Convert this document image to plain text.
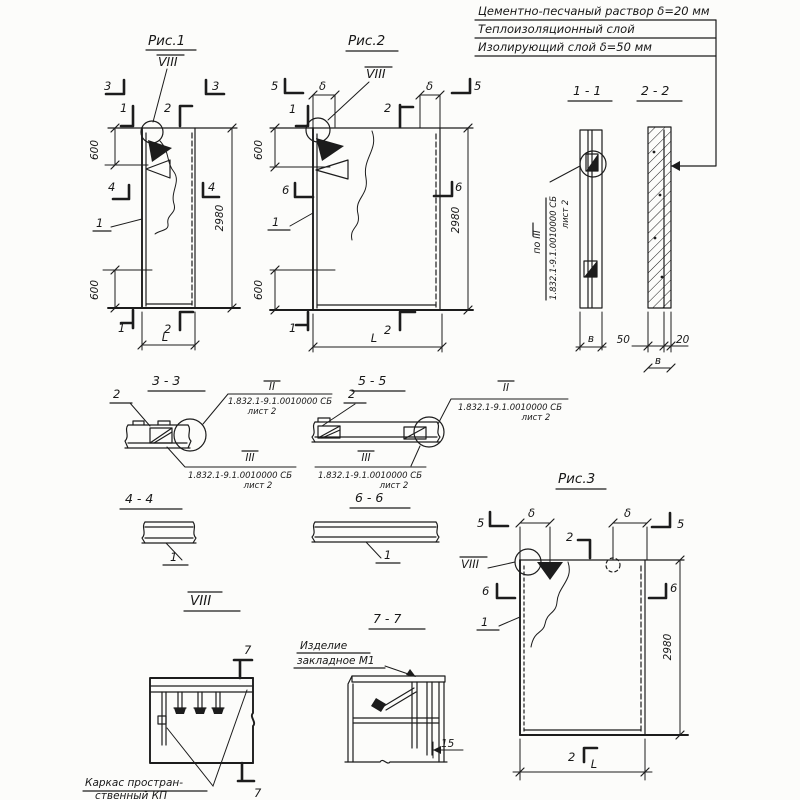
Цементно-песчаный раствор δ=20 мм
Теплоизоляционный слой
Изолирующий слой δ=50 мм
Рис.1
VIII
600
600
2980
L
3	3
1	2
4	4
1	2
1
Рис.2
VIII
δ	δ
600
600
2980
L
5	5
1	2
6	6
1	2
1
1 - 1
по III 1.832.1-9.1.0010000 СБ лист 2
в
2 - 2
50	20
в
3 - 3
2	II
1.832.1-9.1.0010000 СБ
лист 2
III
1.832.1-9.1.0010000 СБ
лист 2
5 - 5
2	II
1.832.1-9.1.0010000 СБ
лист 2
III
1.832.1-9.1.0010000 СБ
лист 2
4 - 4
1
6 - 6
1
Рис.3
VIII
δ	δ
2980
L
5	5
2
6	6
2
1
VIII
Каркас простран-
ственный КП
7
7
7 - 7
Изделие
закладное М1
15
